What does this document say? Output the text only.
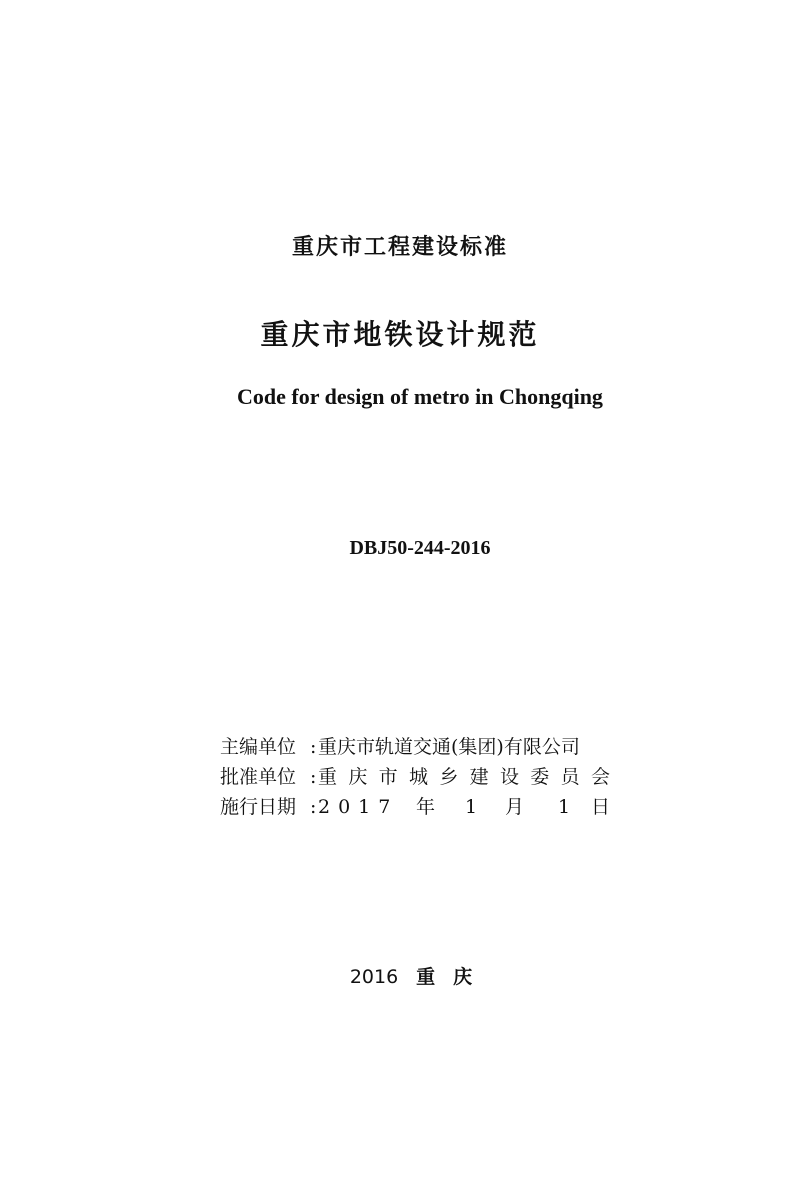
重庆市工程建设标准
重庆市地铁设计规范
Code for design of metro in Chongqing
DBJ50-244-2016
主编单位 : 重庆市轨道交通(集团)有限公司
批准单位 : 重 庆 市 城 乡 建 设 委 员 会
施行日期 : 2017 年 1 月 1 日
2016 重庆
